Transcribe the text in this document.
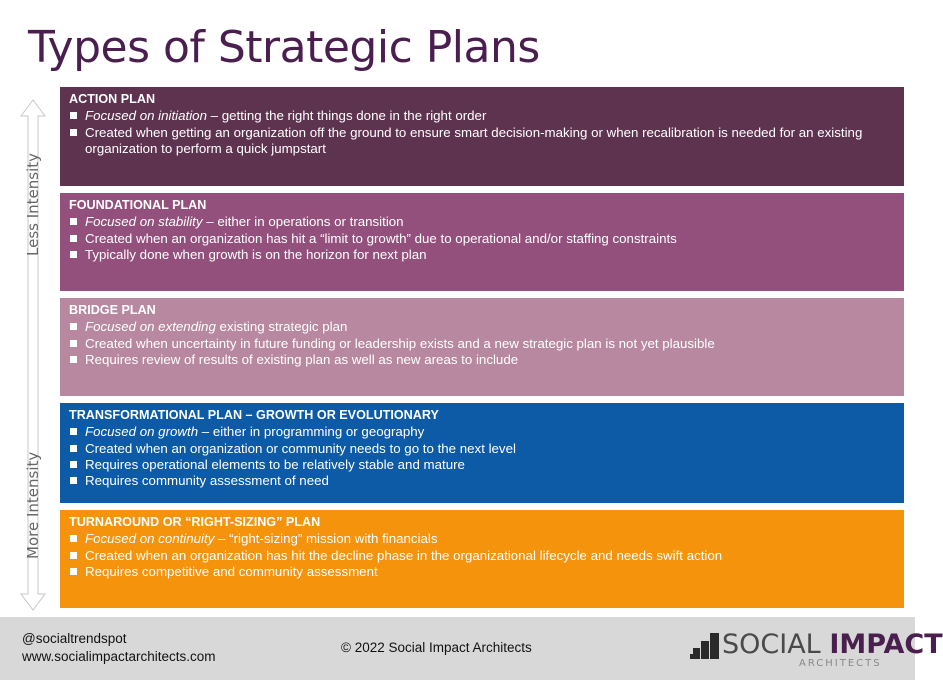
Types of Strategic Plans
Less Intensity
More Intensity
ACTION PLAN
Focused on initiation – getting the right things done in the right order
Created when getting an organization off the ground to ensure smart decision-making or when recalibration is needed for an existing organization to perform a quick jumpstart
FOUNDATIONAL PLAN
Focused on stability – either in operations or transition
Created when an organization has hit a “limit to growth” due to operational and/or staffing constraints
Typically done when growth is on the horizon for next plan
BRIDGE PLAN
Focused on extending existing strategic plan
Created when uncertainty in future funding or leadership exists and a new strategic plan is not yet plausible
Requires review of results of existing plan as well as new areas to include
TRANSFORMATIONAL PLAN – GROWTH OR EVOLUTIONARY
Focused on growth – either in programming or geography
Created when an organization or community needs to go to the next level
Requires operational elements to be relatively stable and mature
Requires community assessment of need
TURNAROUND OR “RIGHT-SIZING” PLAN
Focused on continuity – “right-sizing” mission with financials
Created when an organization has hit the decline phase in the organizational lifecycle and needs swift action
Requires competitive and community assessment
@socialtrendspot
www.socialimpactarchitects.com
© 2022 Social Impact Architects	SOCIAL IMPACT
ARCHITECTS
